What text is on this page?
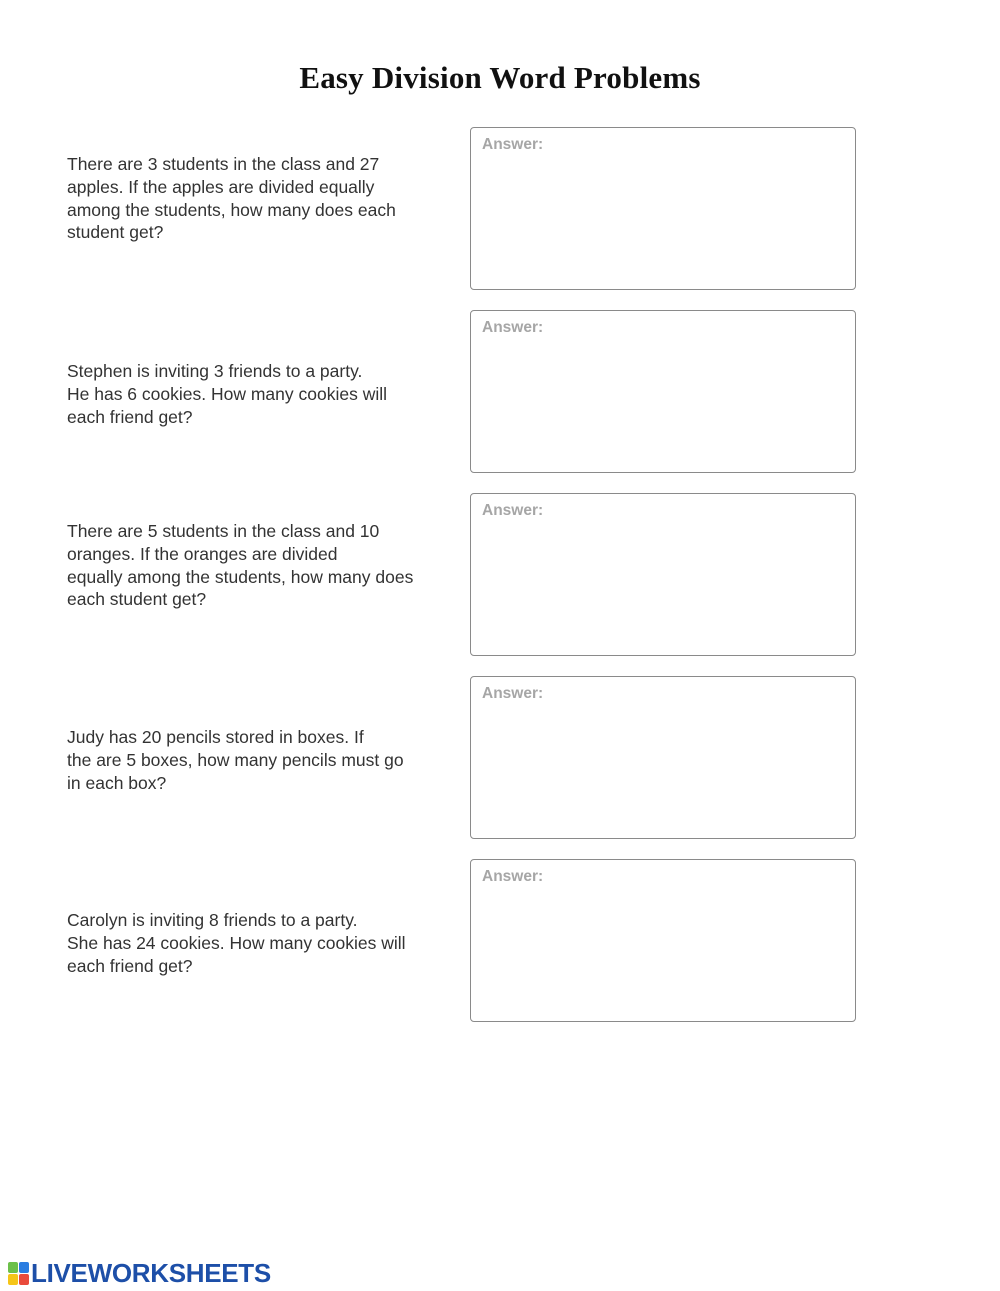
Easy Division Word Problems
There are 3 students in the class and 27
apples. If the apples are divided equally
among the students, how many does each
student get?
Answer:
Stephen is inviting 3 friends to a party.
He has 6 cookies. How many cookies will
each friend get?
Answer:
There are 5 students in the class and 10
oranges. If the oranges are divided
equally among the students, how many does
each student get?
Answer:
Judy has 20 pencils stored in boxes. If
the are 5 boxes, how many pencils must go
in each box?
Answer:
Carolyn is inviting 8 friends to a party.
She has 24 cookies. How many cookies will
each friend get?
Answer:
LIVEWORKSHEETS
